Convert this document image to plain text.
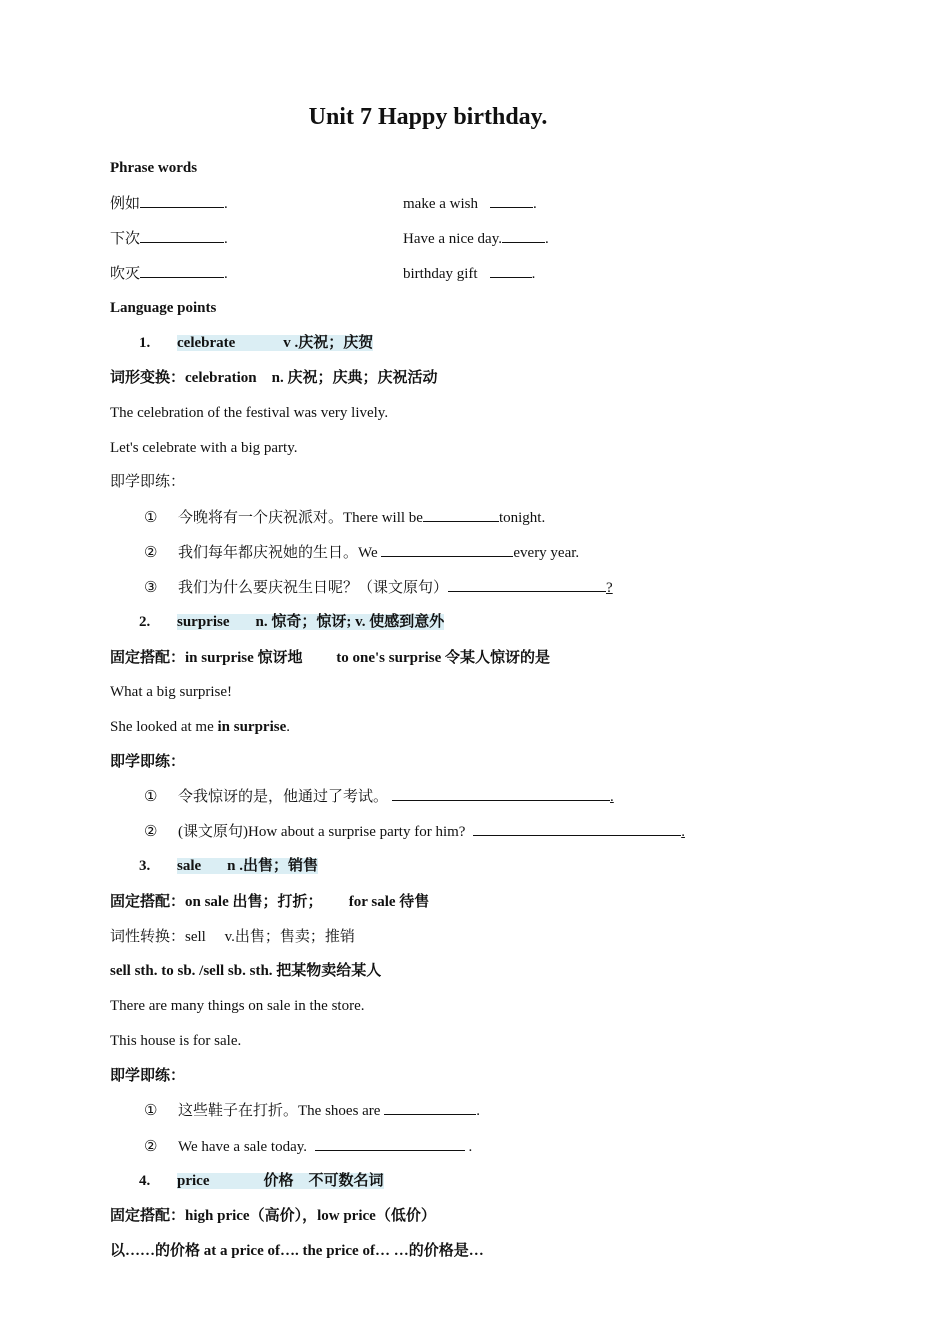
Unit 7 Happy birthday.
Phrase words
例如	.	make a wish	.
下次	.	Have a nice day.	.
吹灭	.	birthday gift	.
Language points
1. celebrate	v .庆祝；庆贺
词形变换：celebration　n. 庆祝；庆典；庆祝活动
The celebration of the festival was very lively.
Let's celebrate with a big party.
即学即练：
① 今晚将有一个庆祝派对。There will be	tonight.
② 我们每年都庆祝她的生日。We	every year.
③ 我们为什么要庆祝生日呢？（课文原句）	?
2. surprise n. 惊奇；惊讶; v. 使感到意外
固定搭配：in surprise 惊讶地　　 to one's surprise 令某人惊讶的是
What a big surprise!
She looked at me in surprise.
即学即练：
① 令我惊讶的是，他通过了考试。	.
② (课文原句)How about a surprise party for him?	.
3. sale n .出售；销售
固定搭配：on sale 出售；打折；　　 for sale 待售
词性转换：sell　 v.出售；售卖；推销
sell sth. to sb. /sell sb. sth. 把某物卖给某人
There are many things on sale in the store.
This house is for sale.
即学即练：
① 这些鞋子在打折。The shoes are	.
② We have a sale today.	.
4. price	价格　不可数名词
固定搭配：high price（高价），low price（低价）
以……的价格 at a price of…. the price of… …的价格是…
